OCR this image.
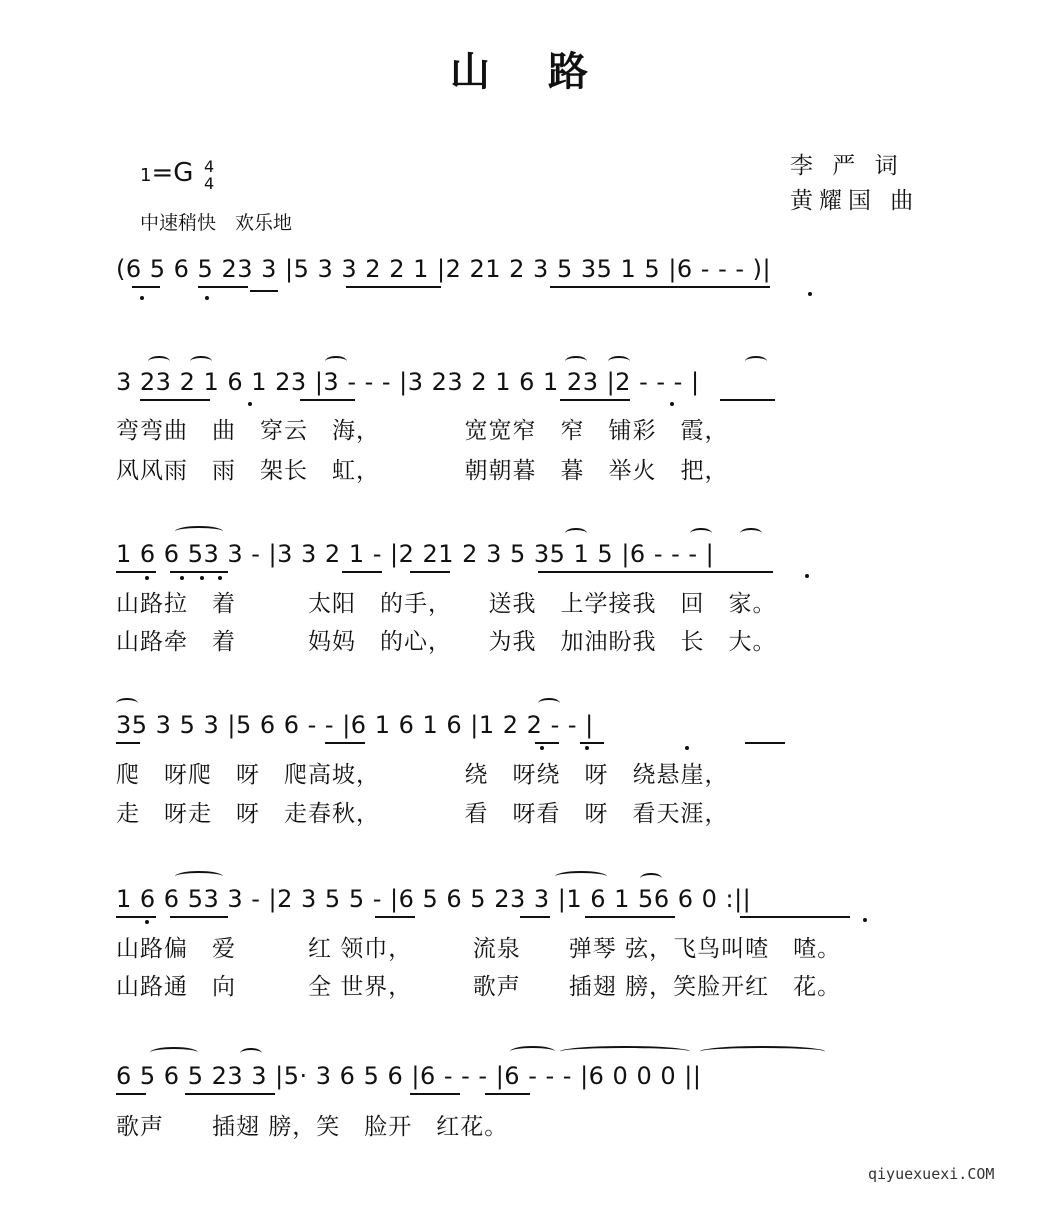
山 路
1=G 4
4
中速稍快　欢乐地
李 严 词
黄耀国 曲
(6 5 6 5 23 3 |5 3 3 2 2 1 |2 21 2 3 5 35 1 5 |6 - - - )|
3 23 2 1 6 1 23 |3 - - - |3 23 2 1 6 1 23 |2 - - - |
弯弯曲　曲　穿云　海，　　　　宽宽窄　窄　铺彩　霞，
风风雨　雨　架长　虹，　　　　朝朝暮　暮　举火　把，
1 6 6 53 3 - |3 3 2 1 - |2 21 2 3 5 35 1 5 |6 - - - |
山路拉　着　　　太阳　的手，　　送我　上学接我　回　家。
山路牵　着　　　妈妈　的心，　　为我　加油盼我　长　大。
35 3 5 3 |5 6 6 - - |6 1 6 1 6 |1 2 2 - - |
爬　呀爬　呀　爬高坡，　　　　绕　呀绕　呀　绕悬崖，
走　呀走　呀　走春秋，　　　　看　呀看　呀　看天涯，
1 6 6 53 3 - |2 3 5 5 - |6 5 6 5 23 3 |1 6 1 56 6 0 :||
山路偏　爱　　　红 领巾，　　　流泉　　弹琴 弦，飞鸟叫喳　喳。
山路通　向　　　全 世界，　　　歌声　　插翅 膀，笑脸开红　花。
6 5 6 5 23 3 |5· 3 6 5 6 |6 - - - |6 - - - |6 0 0 0 ||
歌声　　插翅 膀，笑　脸开　红花。
qiyuexuexi.COM
